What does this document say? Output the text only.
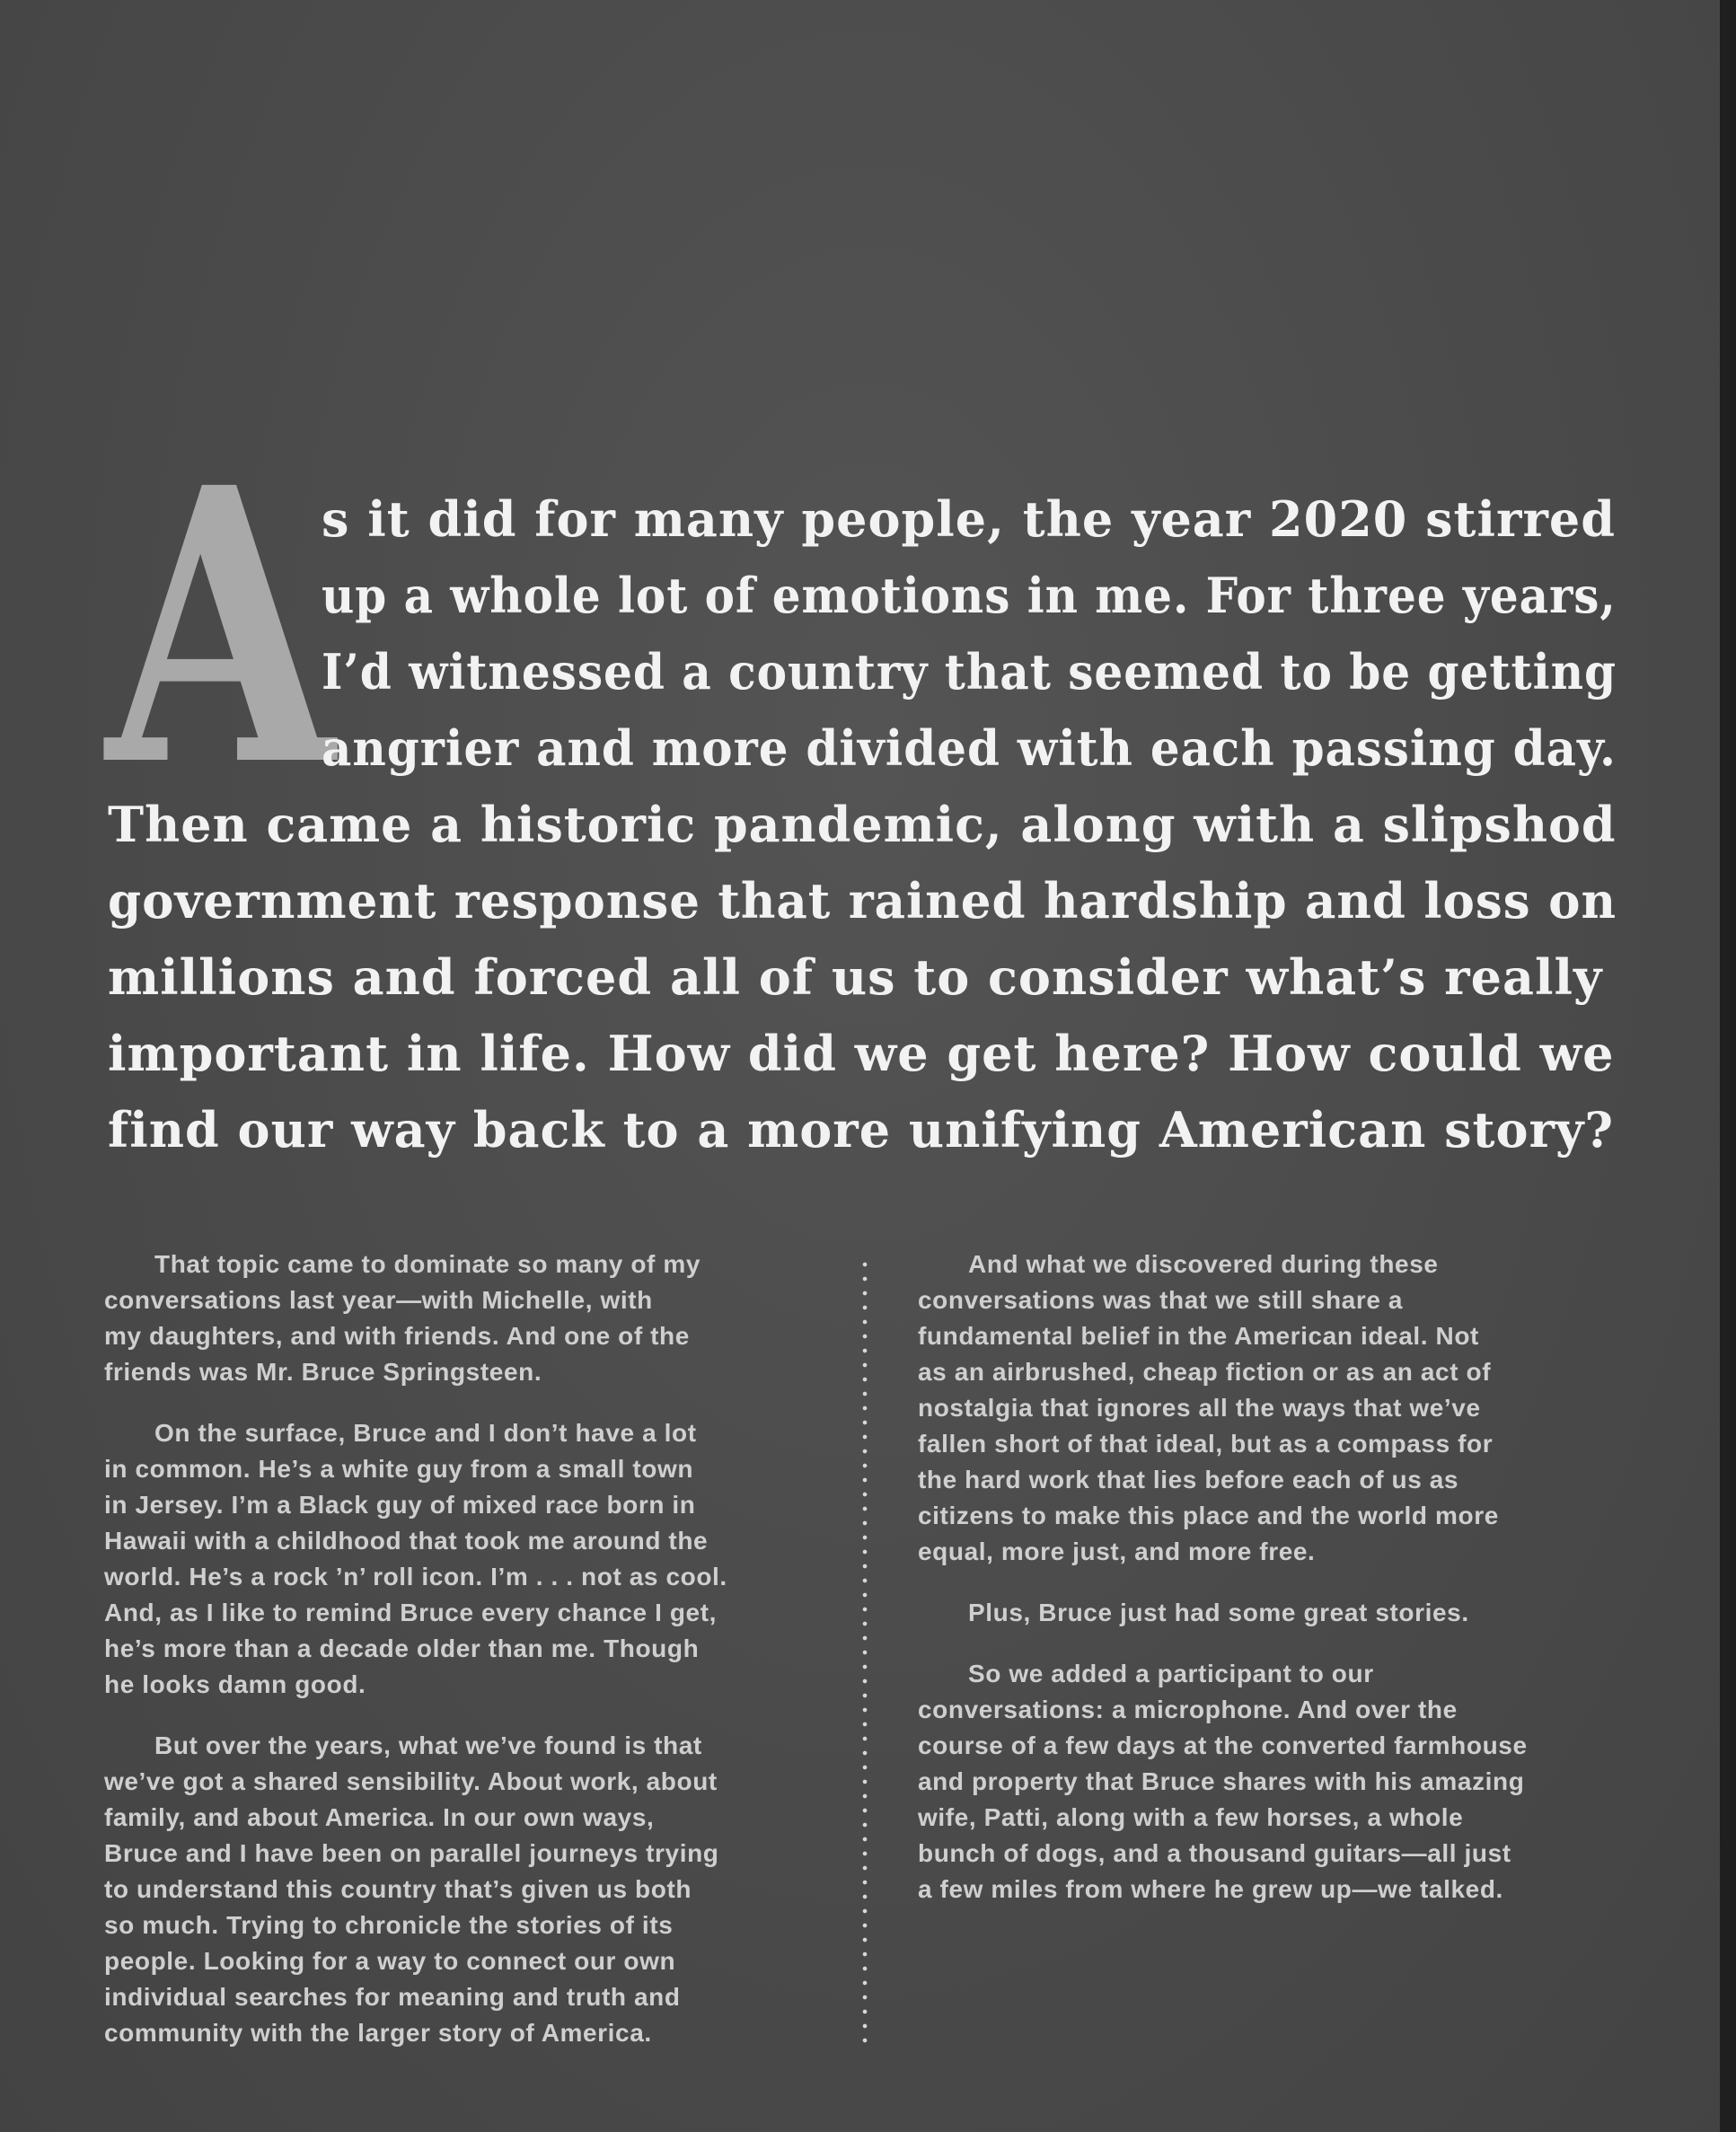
A
s it did for many people, the year 2020 stirred
up a whole lot of emotions in me. For three years,
I’d witnessed a country that seemed to be getting
angrier and more divided with each passing day.
Then came a historic pandemic, along with a slipshod
government response that rained hardship and loss on
millions and forced all of us to consider what’s really
important in life. How did we get here? How could we
find our way back to a more unifying American story?
That topic came to dominate so many of my
conversations last year—with Michelle, with
my daughters, and with friends. And one of the
friends was Mr. Bruce Springsteen.
On the surface, Bruce and I don’t have a lot
in common. He’s a white guy from a small town
in Jersey. I’m a Black guy of mixed race born in
Hawaii with a childhood that took me around the
world. He’s a rock ’n’ roll icon. I’m . . . not as cool.
And, as I like to remind Bruce every chance I get,
he’s more than a decade older than me. Though
he looks damn good.
But over the years, what we’ve found is that
we’ve got a shared sensibility. About work, about
family, and about America. In our own ways,
Bruce and I have been on parallel journeys trying
to understand this country that’s given us both
so much. Trying to chronicle the stories of its
people. Looking for a way to connect our own
individual searches for meaning and truth and
community with the larger story of America.
And what we discovered during these
conversations was that we still share a
fundamental belief in the American ideal. Not
as an airbrushed, cheap fiction or as an act of
nostalgia that ignores all the ways that we’ve
fallen short of that ideal, but as a compass for
the hard work that lies before each of us as
citizens to make this place and the world more
equal, more just, and more free.
Plus, Bruce just had some great stories.
So we added a participant to our
conversations: a microphone. And over the
course of a few days at the converted farmhouse
and property that Bruce shares with his amazing
wife, Patti, along with a few horses, a whole
bunch of dogs, and a thousand guitars—all just
a few miles from where he grew up—we talked.
